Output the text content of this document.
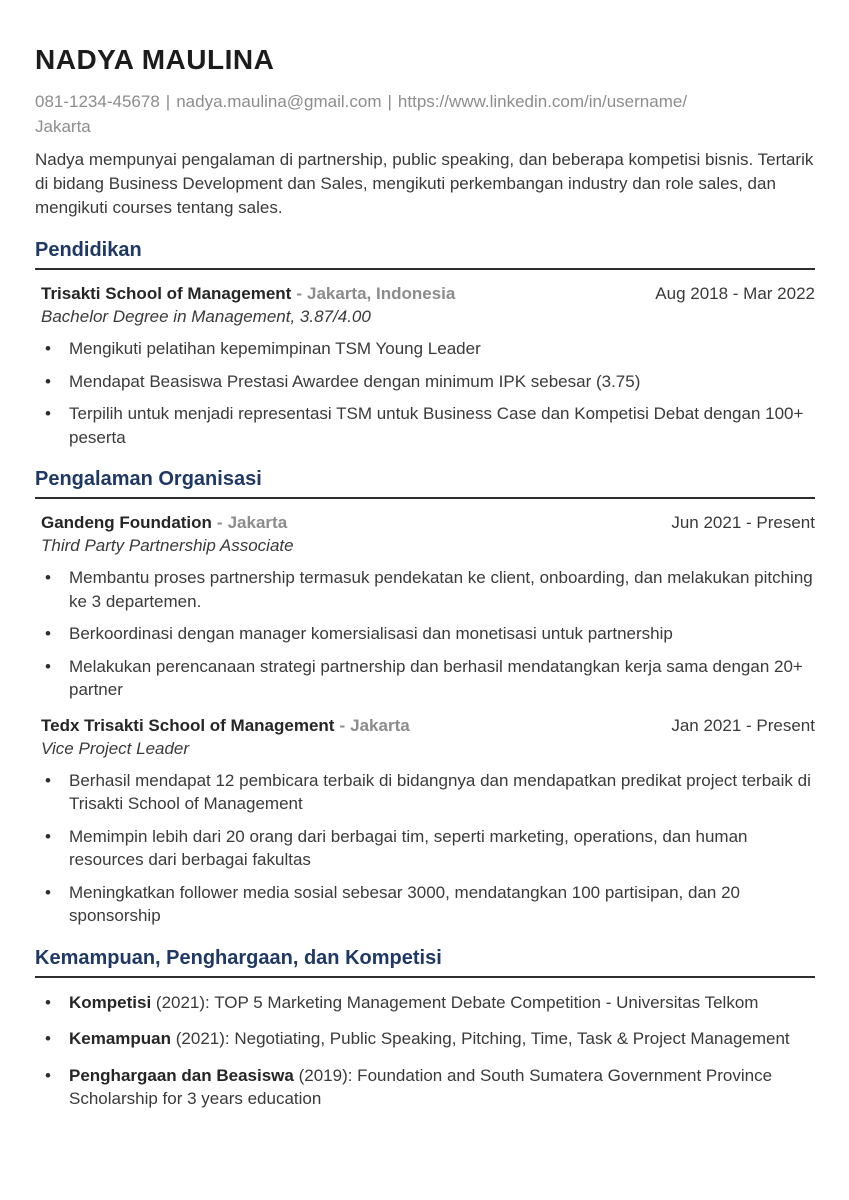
NADYA MAULINA

081-1234-45678 | nadya.maulina@gmail.com | https://www.linkedin.com/in/username/

Jakarta

Nadya mempunyai pengalaman di partnership, public speaking, dan beberapa kompetisi bisnis. Tertarik di bidang Business Development dan Sales, mengikuti perkembangan industry dan role sales, dan mengikuti courses tentang sales.

Pendidikan
Trisakti School of Management - Jakarta, Indonesia	Aug 2018 - Mar 2022
Bachelor Degree in Management, 3.87/4.00
•	Mengikuti pelatihan kepemimpinan TSM Young Leader
•	Mendapat Beasiswa Prestasi Awardee dengan minimum IPK sebesar (3.75)
•	Terpilih untuk menjadi representasi TSM untuk Business Case dan Kompetisi Debat dengan 100+ peserta
Pengalaman Organisasi
Gandeng Foundation - Jakarta	Jun 2021 - Present
Third Party Partnership Associate
•	Membantu proses partnership termasuk pendekatan ke client, onboarding, dan melakukan pitching ke 3 departemen.
•	Berkoordinasi dengan manager komersialisasi dan monetisasi untuk partnership
•	Melakukan perencanaan strategi partnership dan berhasil mendatangkan kerja sama dengan 20+ partner
Tedx Trisakti School of Management - Jakarta	Jan 2021 - Present
Vice Project Leader
•	Berhasil mendapat 12 pembicara terbaik di bidangnya dan mendapatkan predikat project terbaik di Trisakti School of Management
•	Memimpin lebih dari 20 orang dari berbagai tim, seperti marketing, operations, dan human resources dari berbagai fakultas
•	Meningkatkan follower media sosial sebesar 3000, mendatangkan 100 partisipan, dan 20 sponsorship
Kemampuan, Penghargaan, dan Kompetisi
•	Kompetisi (2021): TOP 5 Marketing Management Debate Competition - Universitas Telkom
•	Kemampuan (2021): Negotiating, Public Speaking, Pitching, Time, Task & Project Management
•	Penghargaan dan Beasiswa (2019): Foundation and South Sumatera Government Province Scholarship for 3 years education
